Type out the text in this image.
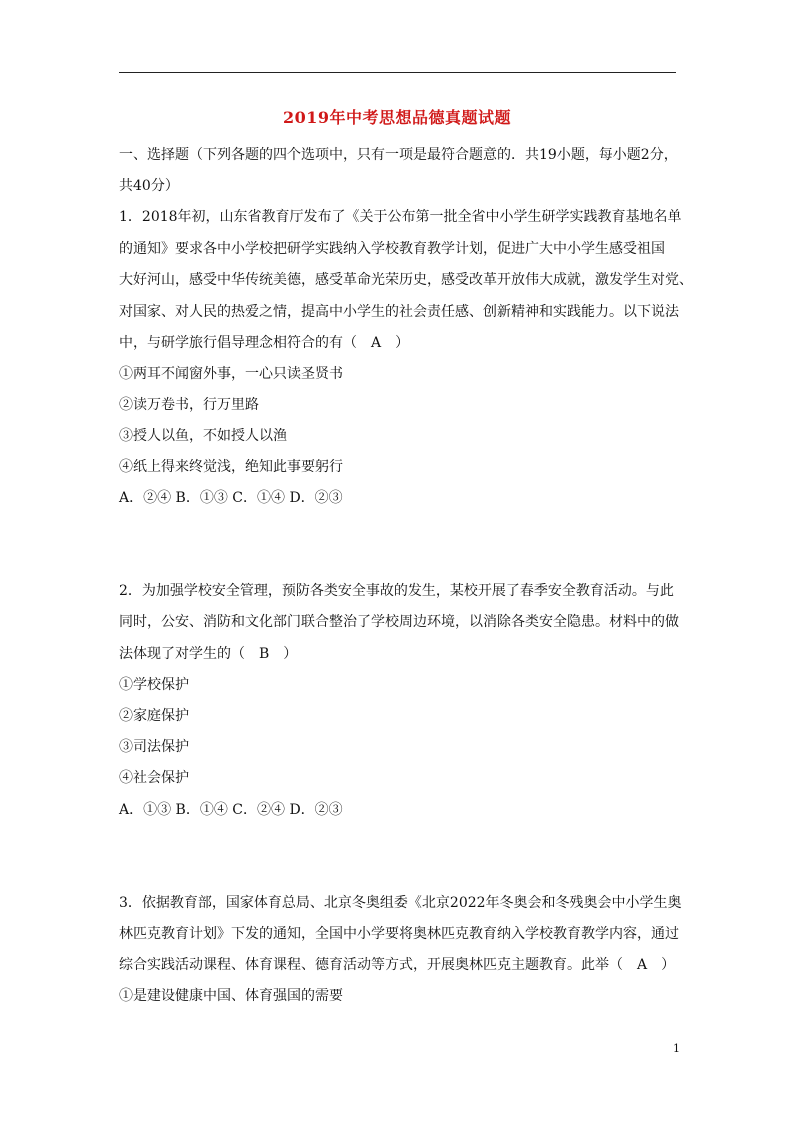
2019年中考思想品德真题试题
一、选择题（下列各题的四个选项中，只有一项是最符合题意的．共19小题，每小题2分，
共40分）
1．2018年初，山东省教育厅发布了《关于公布第一批全省中小学生研学实践教育基地名单
的通知》要求各中小学校把研学实践纳入学校教育教学计划，促进广大中小学生感受祖国
大好河山，感受中华传统美德，感受革命光荣历史，感受改革开放伟大成就，激发学生对党、
对国家、对人民的热爱之情，提高中小学生的社会责任感、创新精神和实践能力。以下说法
中，与研学旅行倡导理念相符合的有（　A　）
①两耳不闻窗外事，一心只读圣贤书
②读万卷书，行万里路
③授人以鱼，不如授人以渔
④纸上得来终觉浅，绝知此事要躬行
A．②④ B．①③ C．①④ D．②③
2．为加强学校安全管理，预防各类安全事故的发生，某校开展了春季安全教育活动。与此
同时，公安、消防和文化部门联合整治了学校周边环境，以消除各类安全隐患。材料中的做
法体现了对学生的（　B　）
①学校保护
②家庭保护
③司法保护
④社会保护
A．①③ B．①④ C．②④ D．②③
3．依据教育部，国家体育总局、北京冬奥组委《北京2022年冬奥会和冬残奥会中小学生奥
林匹克教育计划》下发的通知，全国中小学要将奥林匹克教育纳入学校教育教学内容，通过
综合实践活动课程、体育课程、德育活动等方式，开展奥林匹克主题教育。此举（　A　）
①是建设健康中国、体育强国的需要
1
